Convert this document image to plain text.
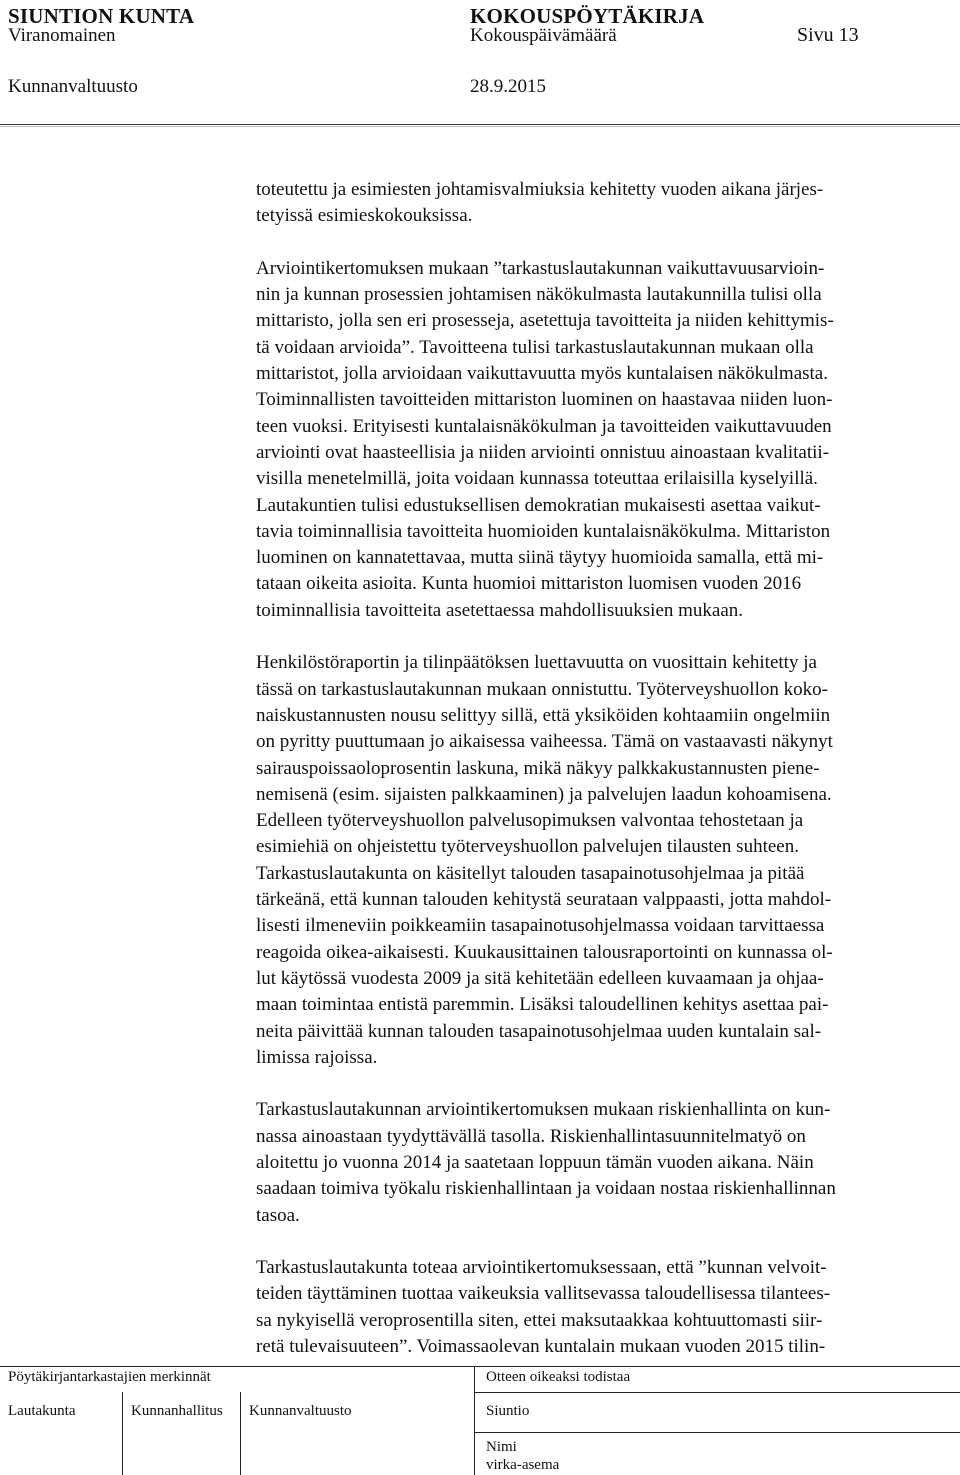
SIUNTION KUNTA	KOKOUSPÖYTÄKIRJA
Viranomainen	Kokouspäivämäärä	Sivu 13
Kunnanvaltuusto	28.9.2015
toteutettu ja esimiesten johtamisvalmiuksia kehitetty vuoden aikana järjes-
tetyissä esimieskokouksissa.
Arviointikertomuksen mukaan ”tarkastuslautakunnan vaikuttavuusarvioin-
nin ja kunnan prosessien johtamisen näkökulmasta lautakunnilla tulisi olla
mittaristo, jolla sen eri prosesseja, asetettuja tavoitteita ja niiden kehittymis-
tä voidaan arvioida”. Tavoitteena tulisi tarkastuslautakunnan mukaan olla
mittaristot, jolla arvioidaan vaikuttavuutta myös kuntalaisen näkökulmasta.
Toiminnallisten tavoitteiden mittariston luominen on haastavaa niiden luon-
teen vuoksi. Erityisesti kuntalaisnäkökulman ja tavoitteiden vaikuttavuuden
arviointi ovat haasteellisia ja niiden arviointi onnistuu ainoastaan kvalitatii-
visilla menetelmillä, joita voidaan kunnassa toteuttaa erilaisilla kyselyillä.
Lautakuntien tulisi edustuksellisen demokratian mukaisesti asettaa vaikut-
tavia toiminnallisia tavoitteita huomioiden kuntalaisnäkökulma. Mittariston
luominen on kannatettavaa, mutta siinä täytyy huomioida samalla, että mi-
tataan oikeita asioita. Kunta huomioi mittariston luomisen vuoden 2016
toiminnallisia tavoitteita asetettaessa mahdollisuuksien mukaan.
Henkilöstöraportin ja tilinpäätöksen luettavuutta on vuosittain kehitetty ja
tässä on tarkastuslautakunnan mukaan onnistuttu. Työterveyshuollon koko-
naiskustannusten nousu selittyy sillä, että yksiköiden kohtaamiin ongelmiin
on pyritty puuttumaan jo aikaisessa vaiheessa. Tämä on vastaavasti näkynyt
sairauspoissaoloprosentin laskuna, mikä näkyy palkkakustannusten piene-
nemisenä (esim. sijaisten palkkaaminen) ja palvelujen laadun kohoamisena.
Edelleen työterveyshuollon palvelusopimuksen valvontaa tehostetaan ja
esimiehiä on ohjeistettu työterveyshuollon palvelujen tilausten suhteen.
Tarkastuslautakunta on käsitellyt talouden tasapainotusohjelmaa ja pitää
tärkeänä, että kunnan talouden kehitystä seurataan valppaasti, jotta mahdol-
lisesti ilmeneviin poikkeamiin tasapainotusohjelmassa voidaan tarvittaessa
reagoida oikea-aikaisesti. Kuukausittainen talousraportointi on kunnassa ol-
lut käytössä vuodesta 2009 ja sitä kehitetään edelleen kuvaamaan ja ohjaa-
maan toimintaa entistä paremmin. Lisäksi taloudellinen kehitys asettaa pai-
neita päivittää kunnan talouden tasapainotusohjelmaa uuden kuntalain sal-
limissa rajoissa.
Tarkastuslautakunnan arviointikertomuksen mukaan riskienhallinta on kun-
nassa ainoastaan tyydyttävällä tasolla. Riskienhallintasuunnitelmatyö on
aloitettu jo vuonna 2014 ja saatetaan loppuun tämän vuoden aikana. Näin
saadaan toimiva työkalu riskienhallintaan ja voidaan nostaa riskienhallinnan
tasoa.
Tarkastuslautakunta toteaa arviointikertomuksessaan, että ”kunnan velvoit-
teiden täyttäminen tuottaa vaikeuksia vallitsevassa taloudellisessa tilantees-
sa nykyisellä veroprosentilla siten, ettei maksutaakkaa kohtuuttomasti siir-
retä tulevaisuuteen”. Voimassaolevan kuntalain mukaan vuoden 2015 tilin-
Pöytäkirjantarkastajien merkinnät
Lautakunta	Kunnanhallitus Kunnanvaltuusto
Otteen oikeaksi todistaa
Siuntio
Nimi
virka-asema
